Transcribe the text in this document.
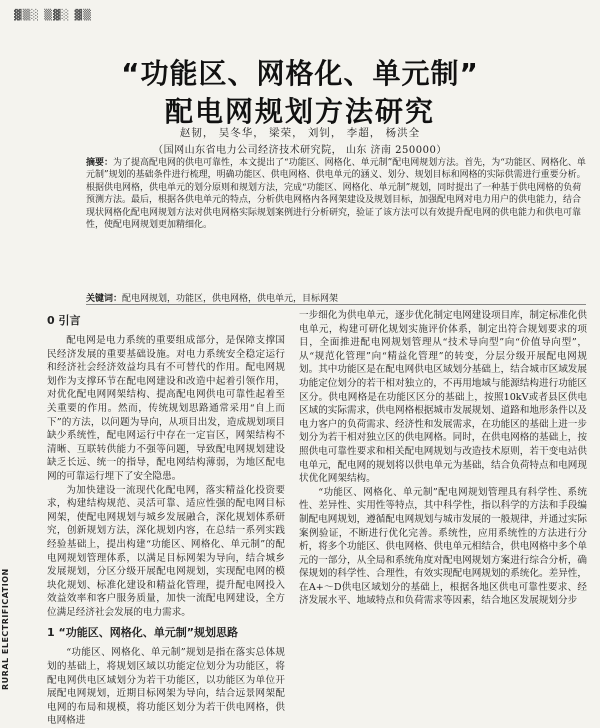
▓▒░ ▒▓░ ▓▒
“功能区、网格化、单元制”
配电网规划方法研究
赵韧， 吴冬华， 梁荣， 刘钊， 李超， 杨洪全
（国网山东省电力公司经济技术研究院， 山东 济南 250000）
摘要：为了提高配电网的供电可靠性，本文提出了“功能区、网格化、单元制”配电网规划方法。首先，为“功能区、网格化、单元制”规划的基础条件进行梳理，明确功能区、供电网格、供电单元的涵义、划分、规划目标和网格的实际供需进行重要分析。根据供电网格，供电单元的划分原则和规划方法，完成“功能区、网格化、单元制”规划，同时提出了一种基于供电网格的负荷预测方法。最后，根据各供电单元的特点，分析供电网格内各网架建设及规划目标，加强配电网对电力用户的供电能力，结合现状网格化配电网规划方法对供电网格实际规划案例进行分析研究，验证了该方法可以有效提升配电网的供电能力和供电可靠性，使配电网规划更加精细化。
关键词：配电网规划，功能区，供电网格，供电单元，目标网架
0 引言

配电网是电力系统的重要组成部分，是保障支撑国民经济发展的重要基础设施。对电力系统安全稳定运行和经济社会经济效益均具有不可替代的作用。配电网规划作为支撑环节在配电网建设和改造中起着引领作用，对优化配电网网架结构、提高配电网供电可靠性起着至关重要的作用。然而，传统规划思路通常采用“自上而下”的方法，以问题为导向，从项目出发，造成规划项目缺少系统性，配电网运行中存在一定盲区，网架结构不清晰、互联转供能力不强等问题，导致配电网规划建设缺乏长远、统一的指导，配电网结构薄弱，为地区配电网的可靠运行埋下了安全隐患。

为加快建设一流现代化配电网，落实精益化投资要求，构建结构规范、灵活可靠、适应性强的配电网目标网架，使配电网规划与城乡发展融合，深化规划体系研究，创新规划方法，深化规划内容，在总结一系列实践经验基础上，提出构建“功能区、网格化、单元制”的配电网规划管理体系，以满足目标网架为导向，结合城乡发展规划，分区分级开展配电网规划，实现配电网的模块化规划、标准化建设和精益化管理，提升配电网投入效益效率和客户服务质量，加快一流配电网建设，全方位满足经济社会发展的电力需求。

1 “功能区、网格化、单元制”规划思路

“功能区、网格化、单元制”规划是指在落实总体规划的基础上，将规划区域以功能定位划分为功能区，将配电网供电区域划分为若干功能区，以功能区为单位开展配电网规划，近期目标网架为导向，结合远景网架配电网的布局和规模，将功能区划分为若干供电网格，供电网格进

一步细化为供电单元，逐步优化制定电网建设项目库，制定标准化供电单元，构建可研化规划实施评价体系，制定出符合规划要求的项目，全面推进配电网规划管理从“技术导向型”向“价值导向型”，从“规范化管理”向“精益化管理”的转变，分层分级开展配电网规划。其中功能区是在配电网供电区域划分基础上，结合城市区域发展功能定位划分的若干相对独立的，不再用地域与能源结构进行功能区区分。供电网格是在功能区区分的基础上，按照10kV或者县区供电区域的实际需求，供电网格根据城市发展规划、道路和地形条件以及电力客户的负荷需求、经济性和发展需求，在功能区的基础上进一步划分为若干相对独立区的供电网格。同时，在供电网格的基础上，按照供电可靠性要求和相关配电网规划与改造技术原则，若干变电站供电单元，配电网的规划将以供电单元为基础，结合负荷特点和电网现状优化网架结构。

“功能区、网格化、单元制”配电网规划管理具有科学性、系统性、差异性、实用性等特点，其中科学性，指以科学的方法和手段编制配电网规划，遵循配电网规划与城市发展的一般规律，并通过实际案例验证，不断进行优化完善。系统性，应用系统性的方法进行分析，将多个功能区、供电网格、供电单元相结合，供电网格中多个单元的一部分，从全局和系统角度对配电网规划方案进行综合分析，确保规划的科学性、合理性，有效实现配电网规划的系统化。差异性，在A+～D供电区域划分的基础上，根据各地区供电可靠性要求、经济发展水平、地域特点和负荷需求等因素，结合地区发展规划分步

RURAL ELECTRIFICATION
